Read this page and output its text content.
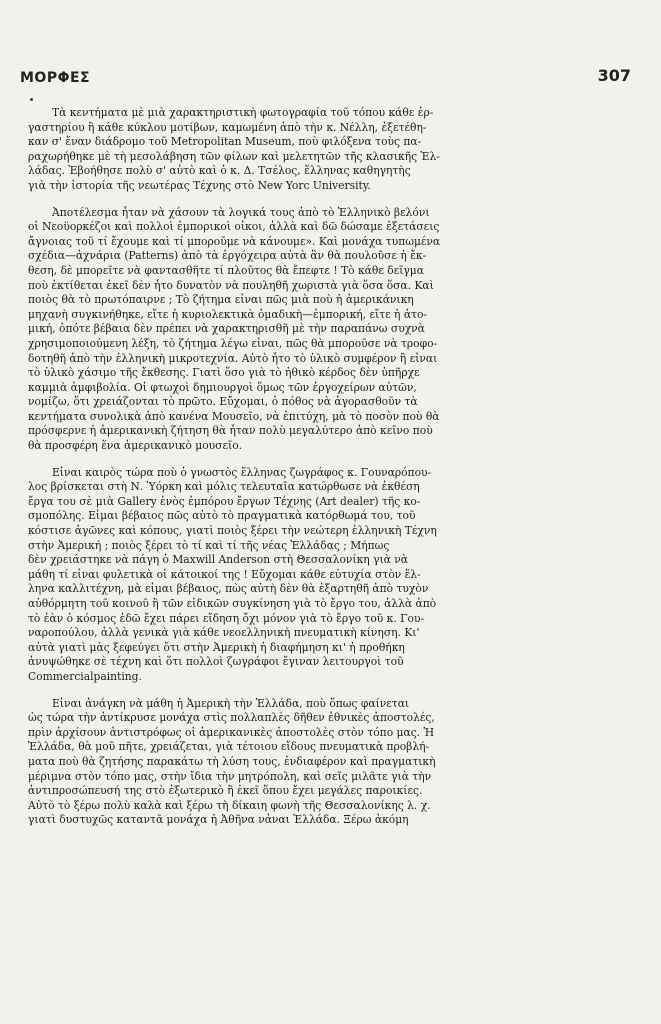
ΜΟΡΦΕΣ	307

Τὰ κεντήματα μὲ μιὰ χαρακτηριστικὴ φωτογραφία τοῦ τόπου κάθε ἐρ-
γαστηρίου ἢ κάθε κύκλου μοτίβων, καμωμένη ἀπὸ τὴν κ. Νέλλη, ἐξετέθη-
καν σ' ἕναν διάδρομο τοῦ Metropolitan Museum, ποὺ φιλόξενα τοὺς πα-
ραχωρήθηκε μὲ τὴ μεσολάβηση τῶν φίλων καὶ μελετητῶν τῆς κλασικῆς Ἑλ-
λάδας. Ἐβοήθησε πολὺ σ' αὐτὸ καὶ ὁ κ. Δ. Τσέλος, ἕλληνας καθηγητὴς
γιὰ τὴν ἱστορία τῆς νεωτέρας Τέχνης στὸ New Yorc University.

Ἀποτέλεσμα ἦταν νὰ χάσουν τὰ λογικά τους ἀπὸ τὸ Ἑλληνικὸ βελόνι
οἱ Νεοϋορκέζοι καὶ πολλοὶ ἐμπορικοὶ οἶκοι, ἀλλὰ καὶ δῶ δώσαμε ἐξετάσεις
ἄγνοιας τοῦ τί ἔχουμε καὶ τί μποροῦμε νὰ κάνουμε». Καὶ μονάχα τυπωμένα
σχέδια—ἀχνάρια (Patterns) ἀπὸ τὰ ἐργόχειρα αὐτὰ ἂν θὰ πουλοῦσε ἡ ἔκ-
θεση, δὲ μπορεῖτε νὰ φαντασθῆτε τί πλοῦτος θὰ ἔπεφτε ! Τὸ κάθε δεῖγμα
ποὺ ἐκτίθεται ἐκεῖ δὲν ἦτο δυνατὸν νὰ πουληθῆ χωριστὰ γιὰ ὅσα ὅσα. Καὶ
ποιὸς θὰ τὸ πρωτόπαιρνε ; Τὸ ζήτημα εἶναι πῶς μιὰ ποὺ ἡ ἀμερικάνικη
μηχανὴ συγκινήθηκε, εἴτε ἡ κυριολεκτικὰ ὁμαδικὴ—ἐμπορική, εἴτε ἡ ἀτο-
μική, ὁπότε βέβαια δὲν πρέπει νὰ χαρακτηρισθῆ μὲ τὴν παραπάνω συχνὰ
χρησιμοποιούμενη λέξη, τὸ ζήτημα λέγω εἶναι, πῶς θὰ μποροῦσε νὰ τροφο-
δοτηθῆ ἀπὸ τὴν ἑλληνικὴ μικροτεχνία. Αὐτὸ ἦτο τὸ ὑλικὸ συμφέρον ἢ εἶναι
τὸ ὑλικὸ χάσιμο τῆς ἔκθεσης. Γιατὶ ὅσο γιὰ τὸ ἠθικὸ κέρδος δὲν ὑπῆρχε
καμμιὰ ἀμφιβολία. Οἱ φτωχοὶ δημιουργοὶ ὅμως τῶν ἐργοχείρων αὐτῶν,
νομίζω, ὅτι χρειάζονται τὸ πρῶτο. Εὔχομαι, ὁ πόθος νὰ ἀγορασθοῦν τὰ
κεντήματα συνολικὰ ἀπὸ κανένα Μουσεῖο, νὰ ἐπιτύχη, μὰ τὸ ποσὸν ποὺ θὰ
πρόσφερνε ἡ ἀμερικανικὴ ζήτηση θὰ ἦταν πολὺ μεγαλύτερο ἀπὸ κεῖνο ποὺ
θὰ προσφέρη ἕνα ἀμερικανικὸ μουσεῖο.

Εἶναι καιρὸς τώρα ποὺ ὁ γνωστὸς ἕλληνας ζωγράφος κ. Γουναρόπου-
λος βρίσκεται στὴ Ν. Ὑόρκη καὶ μόλις τελευταῖα κατώρθωσε νὰ ἐκθέση
ἔργα του σὲ μιὰ Gallery ἑνὸς ἐμπόρου ἔργων Τέχνης (Art dealer) τῆς κο-
σμοπόλης. Εἶμαι βέβαιος πῶς αὐτὸ τὸ πραγματικὰ κατόρθωμά του, τοῦ
κόστισε ἀγῶνες καὶ κόπους, γιατὶ ποιὸς ξέρει τὴν νεώτερη ἑλληνικὴ Τέχνη
στὴν Ἀμερική ; ποιὸς ξέρει τὸ τί καὶ τί τῆς νέας Ἑλλάδας ; Μήπως
δὲν χρειάστηκε νὰ πάγη ὁ Maxwill Anderson στὴ Θεσσαλονίκη γιὰ νὰ
μάθη τί εἶναι φυλετικὰ οἱ κάτοικοί της ! Εὔχομαι κάθε εὐτυχία στὸν ἕλ-
ληνα καλλιτέχνη, μὰ εἶμαι βέβαιος, πὼς αὐτὴ δὲν θὰ ἐξαρτηθῆ ἀπὸ τυχὸν
αὐθόρμητη τοῦ κοινοῦ ἢ τῶν εἰδικῶν συγκίνηση γιὰ τὸ ἔργο του, ἀλλὰ ἀπὸ
τὸ ἐὰν ὁ κόσμος ἐδῶ ἔχει πάρει εἴδηση ὄχι μόνον γιὰ τὸ ἔργο τοῦ κ. Γου-
ναροπούλου, ἀλλὰ γενικὰ γιὰ κάθε νεοελληνικὴ πνευματικὴ κίνηση. Κι'
αὐτὰ γιατὶ μὰς ξεφεύγει ὅτι στὴν Ἀμερικὴ ἡ διαφήμηση κι' ἡ προθήκη
ἀνυψώθηκε σὲ τέχνη καὶ ὅτι πολλοὶ ζωγράφοι ἔγιναν λειτουργοὶ τοῦ
Commercialpainting.

Εἶναι ἀνάγκη νὰ μάθη ἡ Ἀμερικὴ τὴν Ἑλλάδα, ποὺ ὅπως φαίνεται
ὡς τώρα τὴν ἀντίκρυσε μονάχα στὶς πολλαπλὲς δῆθεν ἐθνικὲς ἀποστολές,
πρὶν ἀρχίσουν ἀντιστρόφως οἱ ἀμερικανικὲς ἀποστολὲς στὸν τόπο μας. Ἡ
Ἑλλάδα, θὰ μοῦ πῆτε, χρειάζεται, γιὰ τέτοιου εἴδους πνευματικὰ προβλή-
ματα ποὺ θὰ ζητήσης παρακάτω τὴ λύση τους, ἐνδιαφέρον καὶ πραγματικὴ
μέριμνα στὸν τόπο μας, στὴν ἴδια τὴν μητρόπολη, καὶ σεῖς μιλᾶτε γιὰ τὴν
ἀντιπροσώπευσή της στὸ ἐξωτερικὸ ἢ ἐκεῖ ὅπου ἔχει μεγάλες παροικίες.
Αὐτὸ τὸ ξέρω πολὺ καλὰ καὶ ξέρω τὴ δίκαιη φωνὴ τῆς Θεσσαλονίκης λ. χ.
γιατὶ δυστυχῶς καταντᾶ μονάχα ἡ Ἀθῆνα νἆναι Ἑλλάδα. Ξέρω ἀκόμη
